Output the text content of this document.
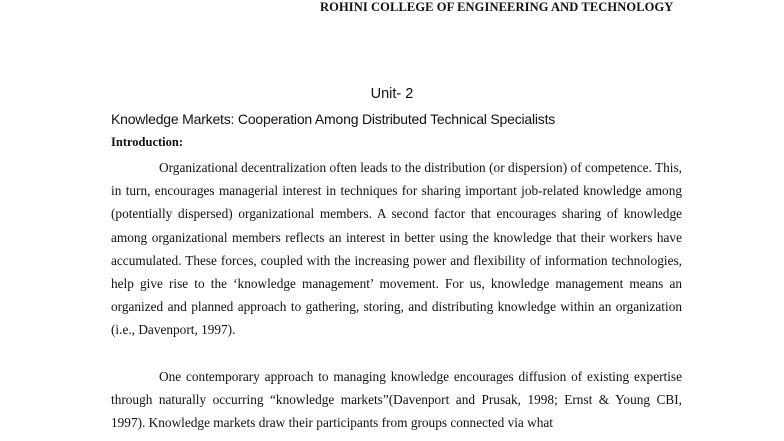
ROHINI COLLEGE OF ENGINEERING AND TECHNOLOGY
Unit- 2
Knowledge Markets: Cooperation Among Distributed Technical Specialists
Introduction:

Organizational decentralization often leads to the distribution (or dispersion) of competence. This, in turn, encourages managerial interest in techniques for sharing important job-related knowledge among (potentially dispersed) organizational members. A second factor that encourages sharing of knowledge among organizational members reflects an interest in better using the knowledge that their workers have accumulated. These forces, coupled with the increasing power and flexibility of information technologies, help give rise to the ‘knowledge management’ movement. For us, knowledge management means an organized and planned approach to gathering, storing, and distributing knowledge within an organization (i.e., Davenport, 1997).

One contemporary approach to managing knowledge encourages diffusion of existing expertise through naturally occurring “knowledge markets”(Davenport and Prusak, 1998; Ernst & Young CBI, 1997). Knowledge markets draw their participants from groups connected via what
